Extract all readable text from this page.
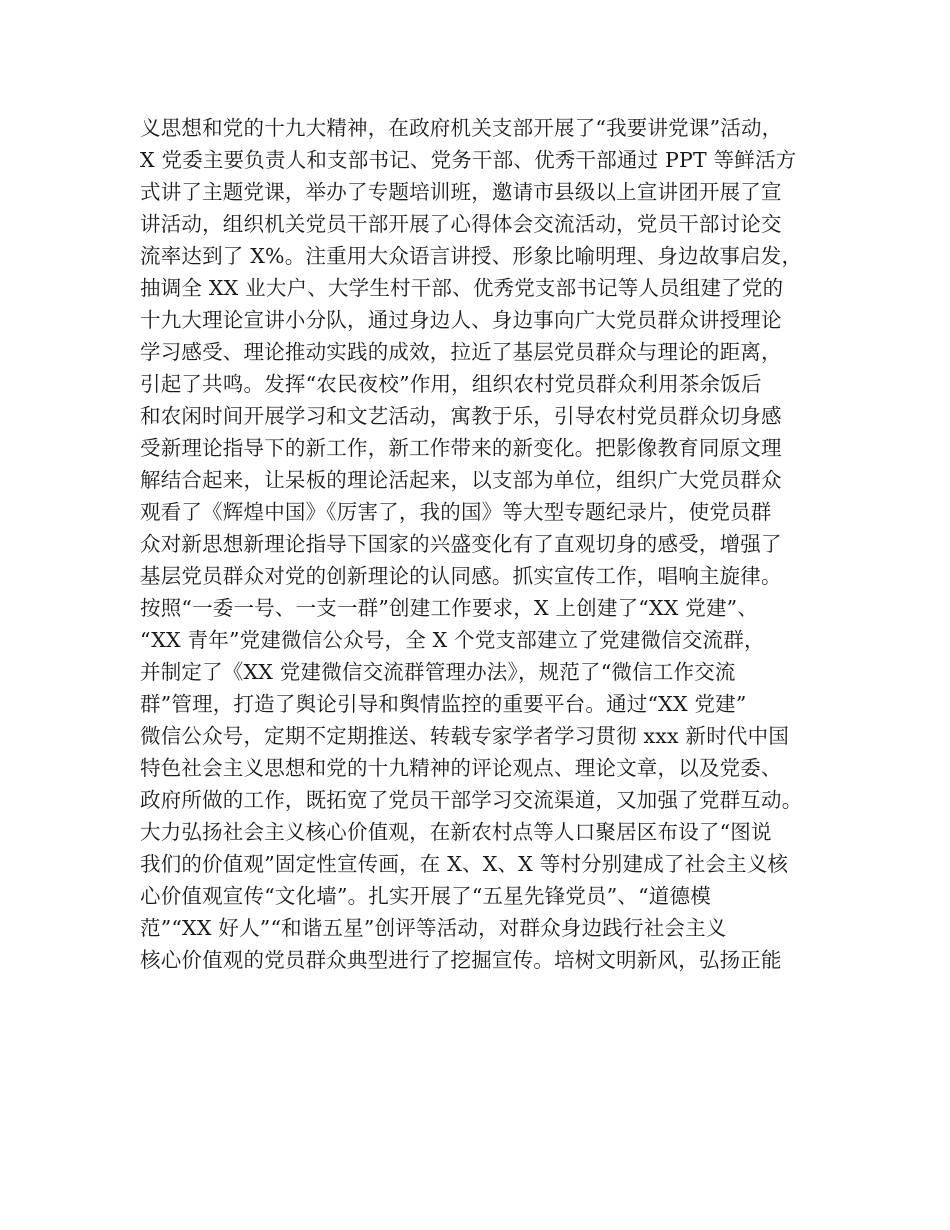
义思想和党的十九大精神，在政府机关支部开展了“我要讲党课”活动，
X 党委主要负责人和支部书记、党务干部、优秀干部通过 PPT 等鲜活方
式讲了主题党课，举办了专题培训班，邀请市县级以上宣讲团开展了宣
讲活动，组织机关党员干部开展了心得体会交流活动，党员干部讨论交
流率达到了 X%。注重用大众语言讲授、形象比喻明理、身边故事启发，
抽调全 XX 业大户、大学生村干部、优秀党支部书记等人员组建了党的
十九大理论宣讲小分队，通过身边人、身边事向广大党员群众讲授理论
学习感受、理论推动实践的成效，拉近了基层党员群众与理论的距离，
引起了共鸣。发挥“农民夜校”作用，组织农村党员群众利用茶余饭后
和农闲时间开展学习和文艺活动，寓教于乐，引导农村党员群众切身感
受新理论指导下的新工作，新工作带来的新变化。把影像教育同原文理
解结合起来，让呆板的理论活起来，以支部为单位，组织广大党员群众
观看了《辉煌中国》《厉害了，我的国》等大型专题纪录片，使党员群
众对新思想新理论指导下国家的兴盛变化有了直观切身的感受，增强了
基层党员群众对党的创新理论的认同感。抓实宣传工作，唱响主旋律。
按照“一委一号、一支一群”创建工作要求，X 上创建了“XX 党建”、
“XX 青年”党建微信公众号，全 X 个党支部建立了党建微信交流群，
并制定了《XX 党建微信交流群管理办法》，规范了“微信工作交流
群”管理，打造了舆论引导和舆情监控的重要平台。通过“XX 党建”
微信公众号，定期不定期推送、转载专家学者学习贯彻 xxx 新时代中国
特色社会主义思想和党的十九精神的评论观点、理论文章，以及党委、
政府所做的工作，既拓宽了党员干部学习交流渠道，又加强了党群互动。
大力弘扬社会主义核心价值观，在新农村点等人口聚居区布设了“图说
我们的价值观”固定性宣传画，在 X、X、X 等村分别建成了社会主义核
心价值观宣传“文化墙”。扎实开展了“五星先锋党员”、“道德模
范”“XX 好人”“和谐五星”创评等活动，对群众身边践行社会主义
核心价值观的党员群众典型进行了挖掘宣传。培树文明新风，弘扬正能
